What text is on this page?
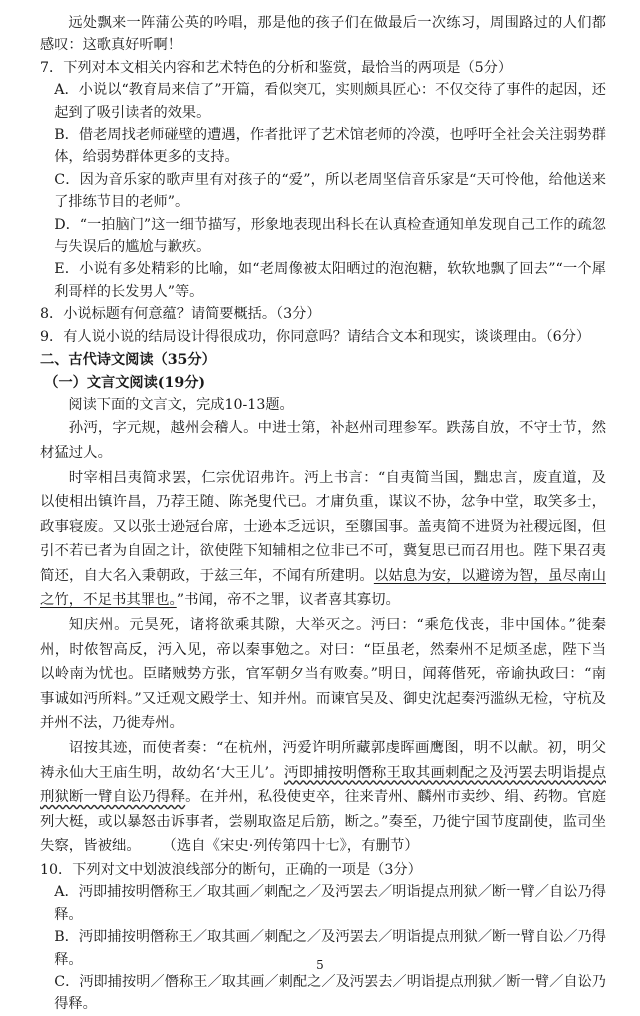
远处飘来一阵蒲公英的吟唱，那是他的孩子们在做最后一次练习，周围路过的人们都感叹：这歌真好听啊！

7．下列对本文相关内容和艺术特色的分析和鉴赏，最恰当的两项是（5分）

A．小说以“教育局来信了”开篇，看似突兀，实则颇具匠心：不仅交待了事件的起因，还起到了吸引读者的效果。

B．借老周找老师碰壁的遭遇，作者批评了艺术馆老师的冷漠，也呼吁全社会关注弱势群体，给弱势群体更多的支持。

C．因为音乐家的歌声里有对孩子的“爱”，所以老周坚信音乐家是“天可怜他，给他送来了排练节目的老师”。

D．“一拍脑门”这一细节描写，形象地表现出科长在认真检查通知单发现自己工作的疏忽与失误后的尴尬与歉疚。

E．小说有多处精彩的比喻，如“老周像被太阳晒过的泡泡糖，软软地飘了回去”“一个犀利哥样的长发男人”等。

8．小说标题有何意蕴？请简要概括。（3分）

9．有人说小说的结局设计得很成功，你同意吗？请结合文本和现实，谈谈理由。（6分）

二、古代诗文阅读（35分）

（一）文言文阅读(19分)

阅读下面的文言文，完成10-13题。

孙沔，字元规，越州会稽人。中进士第，补赵州司理参军。跌荡自放，不守士节，然材猛过人。

时宰相吕夷简求罢，仁宗优诏弗许。沔上书言：“自夷简当国，黜忠言，废直道，及以使相出镇许昌，乃荐王随、陈尧叟代已。才庸负重，谋议不协，忿争中堂，取笑多士，政事寝废。又以张士逊冠台席，士逊本乏远识，至隳国事。盖夷简不进贤为社稷远图，但引不若已者为自固之计，欲使陛下知辅相之位非已不可，冀复思已而召用也。陛下果召夷简还，自大名入秉朝政，于兹三年，不闻有所建明。以姑息为安，以避谤为智，虽尽南山之竹，不足书其罪也。”书闻，帝不之罪，议者喜其寡切。

知庆州。元昊死，诸将欲乘其隙，大举灭之。沔曰：“乘危伐丧，非中国体。”徙秦州，时侬智高反，沔入见，帝以秦事勉之。对曰：“臣虽老，然秦州不足烦圣虑，陛下当以岭南为忧也。臣睹贼势方张，官军朝夕当有败奏。”明日，闻蒋偕死，帝谕执政曰：“南事诚如沔所料。”又迁观文殿学士、知并州。而谏官吴及、御史沈起奏沔滥纵无检，守杭及并州不法，乃徙寿州。

诏按其迹，而使者奏：“在杭州，沔爱许明所藏郭虔晖画鹰图，明不以献。初，明父祷永仙大王庙生明，故幼名‘大王儿’。沔即捕按明僭称王取其画刺配之及沔罢去明诣提点刑狱断一臂自讼乃得释。在并州，私役使吏卒，往来青州、麟州市卖纱、绢、药物。官庭列大梃，或以暴怒击诉事者，尝剔取盗足后筋，断之。”奏至，乃徙宁国节度副使，监司坐失察，皆被绌。 （选自《宋史·列传第四十七》，有删节）

10．下列对文中划波浪线部分的断句，正确的一项是（3分）

A．沔即捕按明僭称王／取其画／刺配之／及沔罢去／明诣提点刑狱／断一臂／自讼乃得释。

B．沔即捕按明僭称王／取其画／刺配之／及沔罢去／明诣提点刑狱／断一臂自讼／乃得释。

C．沔即捕按明／僭称王／取其画／刺配之／及沔罢去／明诣提点刑狱／断一臂／自讼乃得释。

5
